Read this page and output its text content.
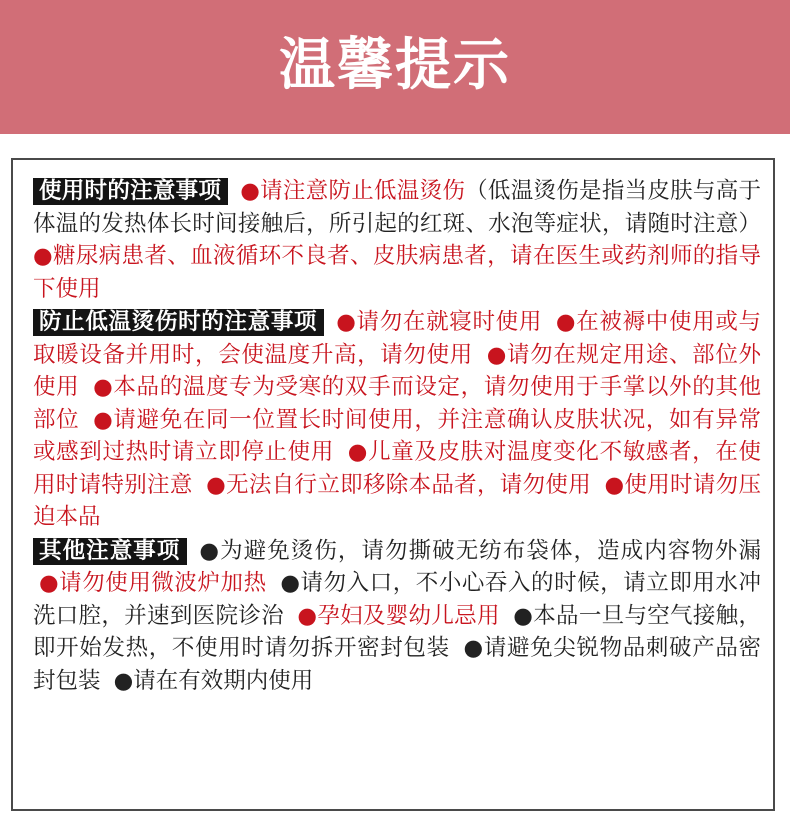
温馨提示

使用时的注意事项 ●请注意防止低温烫伤（低温烫伤是指当皮肤与高于体温的发热体长时间接触后，所引起的红斑、水泡等症状，请随时注意）●糖尿病患者、血液循环不良者、皮肤病患者，请在医生或药剂师的指导下使用

防止低温烫伤时的注意事项 ●请勿在就寝时使用 ●在被褥中使用或与取暖设备并用时，会使温度升高，请勿使用 ●请勿在规定用途、部位外使用 ●本品的温度专为受寒的双手而设定，请勿使用于手掌以外的其他部位 ●请避免在同一位置长时间使用，并注意确认皮肤状况，如有异常或感到过热时请立即停止使用 ●儿童及皮肤对温度变化不敏感者，在使用时请特别注意 ●无法自行立即移除本品者，请勿使用 ●使用时请勿压迫本品

其他注意事项 ●为避免烫伤，请勿撕破无纺布袋体，造成内容物外漏 ●请勿使用微波炉加热 ●请勿入口，不小心吞入的时候，请立即用水冲洗口腔，并速到医院诊治 ●孕妇及婴幼儿忌用 ●本品一旦与空气接触，即开始发热，不使用时请勿拆开密封包装 ●请避免尖锐物品刺破产品密封包装 ●请在有效期内使用
